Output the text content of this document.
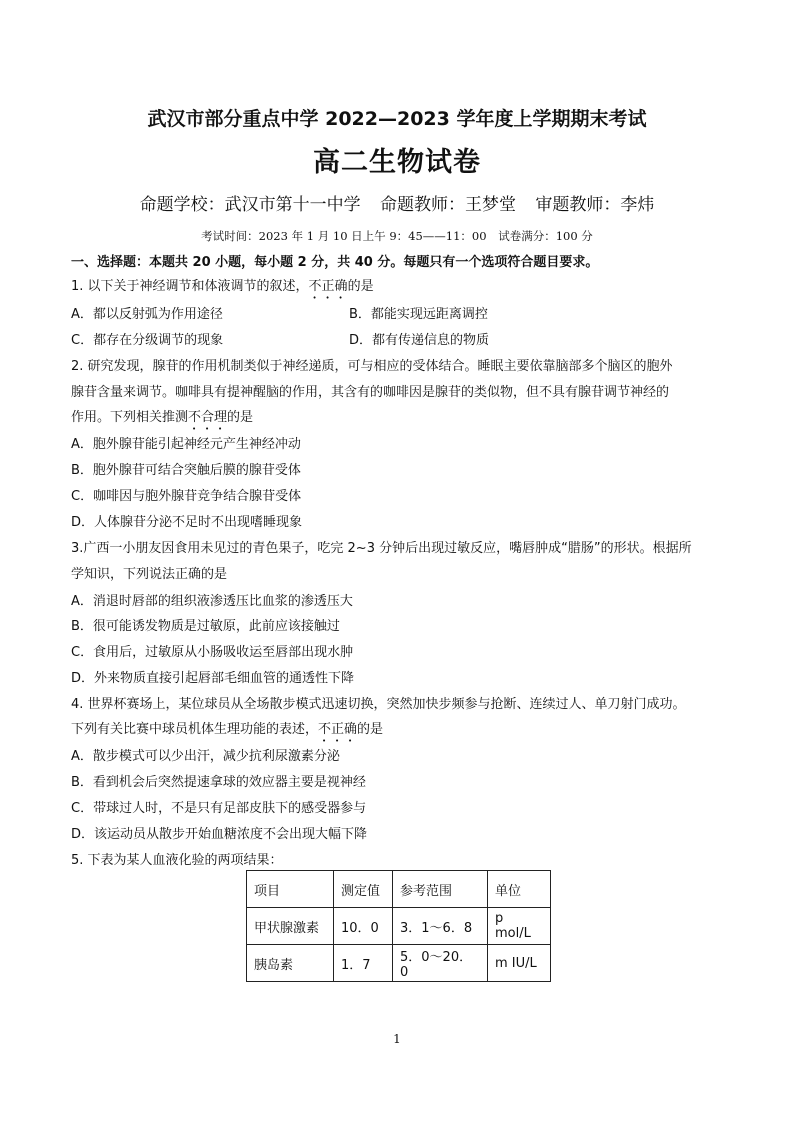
武汉市部分重点中学 2022—2023 学年度上学期期末考试
高二生物试卷
命题学校：武汉市第十一中学 命题教师：王梦堂 审题教师：李炜
考试时间：2023 年 1 月 10 日上午 9：45——11：00 试卷满分：100 分
一、选择题：本题共 20 小题，每小题 2 分，共 40 分。每题只有一个选项符合题目要求。
1. 以下关于神经调节和体液调节的叙述，不正确的是
A．都以反射弧为作用途径	B．都能实现远距离调控
C．都存在分级调节的现象	D．都有传递信息的物质
2. 研究发现，腺苷的作用机制类似于神经递质，可与相应的受体结合。睡眠主要依靠脑部多个脑区的胞外
腺苷含量来调节。咖啡具有提神醒脑的作用，其含有的咖啡因是腺苷的类似物，但不具有腺苷调节神经的
作用。下列相关推测不合理的是
A．胞外腺苷能引起神经元产生神经冲动
B．胞外腺苷可结合突触后膜的腺苷受体
C．咖啡因与胞外腺苷竞争结合腺苷受体
D．人体腺苷分泌不足时不出现嗜睡现象
3.广西一小朋友因食用未见过的青色果子，吃完 2~3 分钟后出现过敏反应，嘴唇肿成“腊肠”的形状。根据所
学知识，下列说法正确的是
A．消退时唇部的组织液渗透压比血浆的渗透压大
B．很可能诱发物质是过敏原，此前应该接触过
C．食用后，过敏原从小肠吸收运至唇部出现水肿
D．外来物质直接引起唇部毛细血管的通透性下降
4. 世界杯赛场上，某位球员从全场散步模式迅速切换，突然加快步频参与抢断、连续过人、单刀射门成功。
下列有关比赛中球员机体生理功能的表述，不正确的是
A．散步模式可以少出汗，减少抗利尿激素分泌
B．看到机会后突然提速拿球的效应器主要是视神经
C．带球过人时，不是只有足部皮肤下的感受器参与
D．该运动员从散步开始血糖浓度不会出现大幅下降
5. 下表为某人血液化验的两项结果：
项目	测定值	参考范围	单位
甲状腺激素	10．0	3．1～6．8	p mol/L
胰岛素	1．7	5．0～20．0	m IU/L
1
